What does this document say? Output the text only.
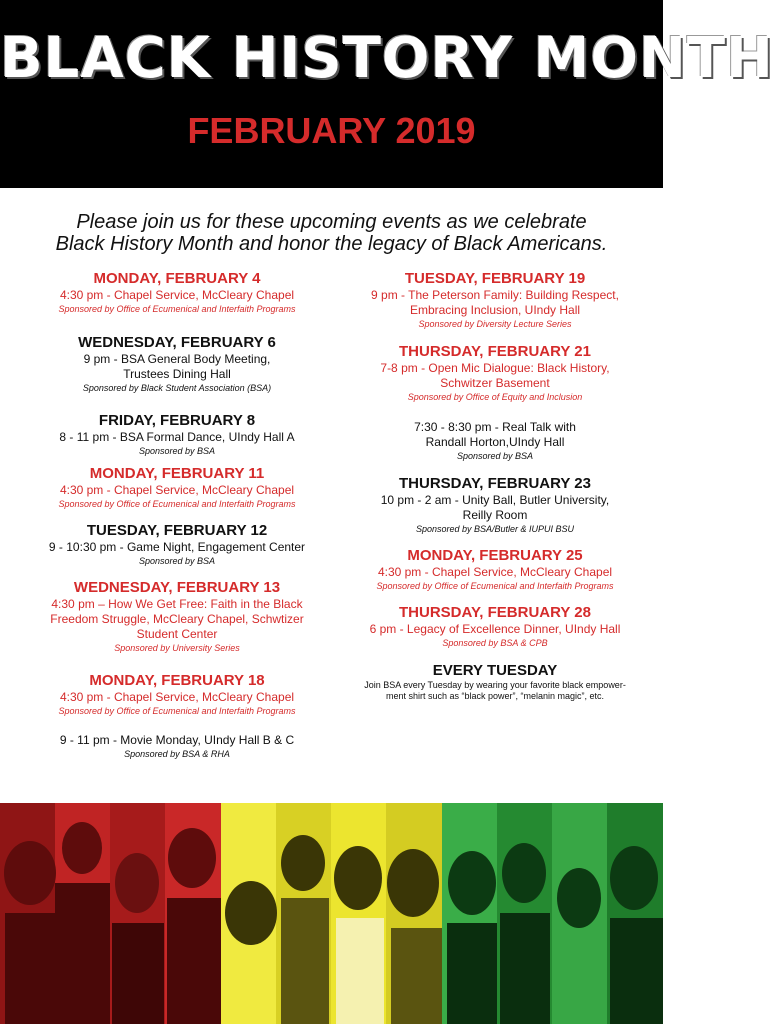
BLACK HISTORY MONTH
FEBRUARY 2019
Please join us for these upcoming events as we celebrate
Black History Month and honor the legacy of Black Americans.
MONDAY, FEBRUARY 4
4:30 pm - Chapel Service, McCleary Chapel
Sponsored by Office of Ecumenical and Interfaith Programs
WEDNESDAY, FEBRUARY 6
9 pm - BSA General Body Meeting,
Trustees Dining Hall
Sponsored by Black Student Association (BSA)
FRIDAY, FEBRUARY 8
8 - 11 pm - BSA Formal Dance, UIndy Hall A
Sponsored by BSA
MONDAY, FEBRUARY 11
4:30 pm - Chapel Service, McCleary Chapel
Sponsored by Office of Ecumenical and Interfaith Programs
TUESDAY, FEBRUARY 12
9 - 10:30 pm - Game Night, Engagement Center
Sponsored by BSA
WEDNESDAY, FEBRUARY 13
4:30 pm – How We Get Free: Faith in the Black
Freedom Struggle, McCleary Chapel, Schwtizer
Student Center
Sponsored by University Series
MONDAY, FEBRUARY 18
4:30 pm - Chapel Service, McCleary Chapel
Sponsored by Office of Ecumenical and Interfaith Programs
9 - 11 pm - Movie Monday, UIndy Hall B & C
Sponsored by BSA & RHA
TUESDAY, FEBRUARY 19
9 pm - The Peterson Family: Building Respect,
Embracing Inclusion, UIndy Hall
Sponsored by Diversity Lecture Series
THURSDAY, FEBRUARY 21
7-8 pm - Open Mic Dialogue: Black History,
Schwitzer Basement
Sponsored by Office of Equity and Inclusion
7:30 - 8:30 pm - Real Talk with
Randall Horton,UIndy Hall
Sponsored by BSA
THURSDAY, FEBRUARY 23
10 pm - 2 am - Unity Ball, Butler University,
Reilly Room
Sponsored by BSA/Butler & IUPUI BSU
MONDAY, FEBRUARY 25
4:30 pm - Chapel Service, McCleary Chapel
Sponsored by Office of Ecumenical and Interfaith Programs
THURSDAY, FEBRUARY 28
6 pm - Legacy of Excellence Dinner, UIndy Hall
Sponsored by BSA & CPB
EVERY TUESDAY
Join BSA every Tuesday by wearing your favorite black empower-
ment shirt such as “black power”, “melanin magic”, etc.
